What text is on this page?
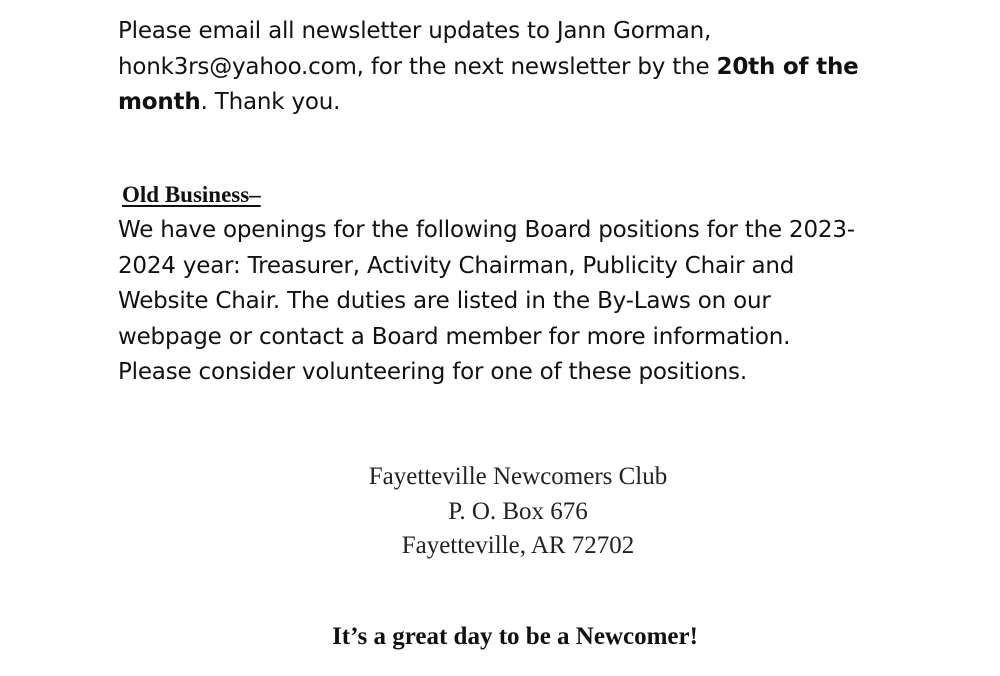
Please email all newsletter updates to Jann Gorman,
honk3rs@yahoo.com, for the next newsletter by the 20th of the
month. Thank you.
Old Business–
We have openings for the following Board positions for the 2023-
2024 year: Treasurer, Activity Chairman, Publicity Chair and
Website Chair. The duties are listed in the By-Laws on our
webpage or contact a Board member for more information.
Please consider volunteering for one of these positions.
Fayetteville Newcomers Club
P. O. Box 676
Fayetteville, AR 72702
It’s a great day to be a Newcomer!
